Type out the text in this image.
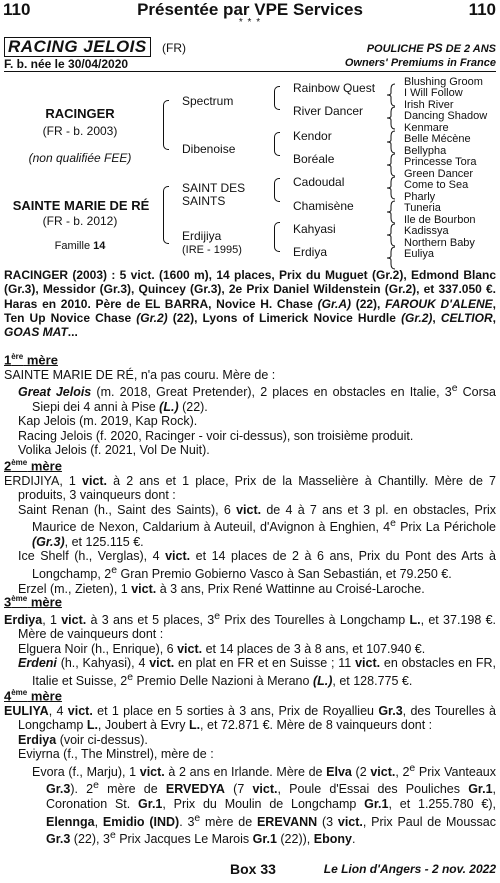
110	Présentée par VPE Services	110
* * *
RACING JELOIS	(FR)	POULICHE PS DE 2 ANS
F. b. née le 30/04/2020	Owners' Premiums in France
RACINGER
(FR - b. 2003)
(non qualifiée FEE)
SAINTE MARIE DE RÉ
(FR - b. 2012)
Famille 14
Spectrum
Dibenoise
SAINT DES
SAINTS
Erdijiya
(IRE - 1995)
Rainbow Quest
River Dancer
Kendor
Boréale
Cadoudal
Chamisène
Kahyasi
Erdiya
Blushing Groom
I Will Follow
Irish River
Dancing Shadow
Kenmare
Belle Mécène
Bellypha
Princesse Tora
Green Dancer
Come to Sea
Pharly
Tuneria
Ile de Bourbon
Kadissya
Northern Baby
Euliya
RACINGER (2003) : 5 vict. (1600 m), 14 places, Prix du Muguet (Gr.2), Edmond Blanc (Gr.3), Messidor (Gr.3), Quincey (Gr.3), 2e Prix Daniel Wildenstein (Gr.2), et 337.050 €. Haras en 2010. Père de EL BARRA, Novice H. Chase (Gr.A) (22), FAROUK D'ALENE, Ten Up Novice Chase (Gr.2) (22), Lyons of Limerick Novice Hurdle (Gr.2), CELTIOR, GOAS MAT...

1ère mère

SAINTE MARIE DE RÉ, n'a pas couru. Mère de :

Great Jelois (m. 2018, Great Pretender), 2 places en obstacles en Italie, 3e Corsa Siepi dei 4 anni à Pise (L.) (22).

Kap Jelois (m. 2019, Kap Rock).

Racing Jelois (f. 2020, Racinger - voir ci-dessus), son troisième produit.

Volika Jelois (f. 2021, Vol De Nuit).

2ème mère

ERDIJIYA, 1 vict. à 2 ans et 1 place, Prix de la Masselière à Chantilly. Mère de 7 produits, 3 vainqueurs dont :

Saint Renan (h., Saint des Saints), 6 vict. de 4 à 7 ans et 3 pl. en obstacles, Prix Maurice de Nexon, Caldarium à Auteuil, d'Avignon à Enghien, 4e Prix La Périchole (Gr.3), et 125.115 €.

Ice Shelf (h., Verglas), 4 vict. et 14 places de 2 à 6 ans, Prix du Pont des Arts à Longchamp, 2e Gran Premio Gobierno Vasco à San Sebastián, et 79.250 €.

Erzel (m., Zieten), 1 vict. à 3 ans, Prix René Wattinne au Croisé-Laroche.

3ème mère

Erdiya, 1 vict. à 3 ans et 5 places, 3e Prix des Tourelles à Longchamp L., et 37.198 €. Mère de vainqueurs dont :

Elguera Noir (h., Enrique), 6 vict. et 14 places de 3 à 8 ans, et 107.940 €.

Erdeni (h., Kahyasi), 4 vict. en plat en FR et en Suisse ; 11 vict. en obstacles en FR, Italie et Suisse, 2e Premio Delle Nazioni à Merano (L.), et 128.775 €.

4ème mère

EULIYA, 4 vict. et 1 place en 5 sorties à 3 ans, Prix de Royallieu Gr.3, des Tourelles à Longchamp L., Joubert à Evry L., et 72.871 €. Mère de 8 vainqueurs dont :

Erdiya (voir ci-dessus).

Eviyrna (f., The Minstrel), mère de :

Evora (f., Marju), 1 vict. à 2 ans en Irlande. Mère de Elva (2 vict., 2e Prix Vanteaux Gr.3). 2e mère de ERVEDYA (7 vict., Poule d'Essai des Pouliches Gr.1, Coronation St. Gr.1, Prix du Moulin de Longchamp Gr.1, et 1.255.780 €), Elennga, Emidio (IND). 3e mère de EREVANN (3 vict., Prix Paul de Moussac Gr.3 (22), 3e Prix Jacques Le Marois Gr.1 (22)), Ebony.

Box 33	Le Lion d'Angers - 2 nov. 2022
